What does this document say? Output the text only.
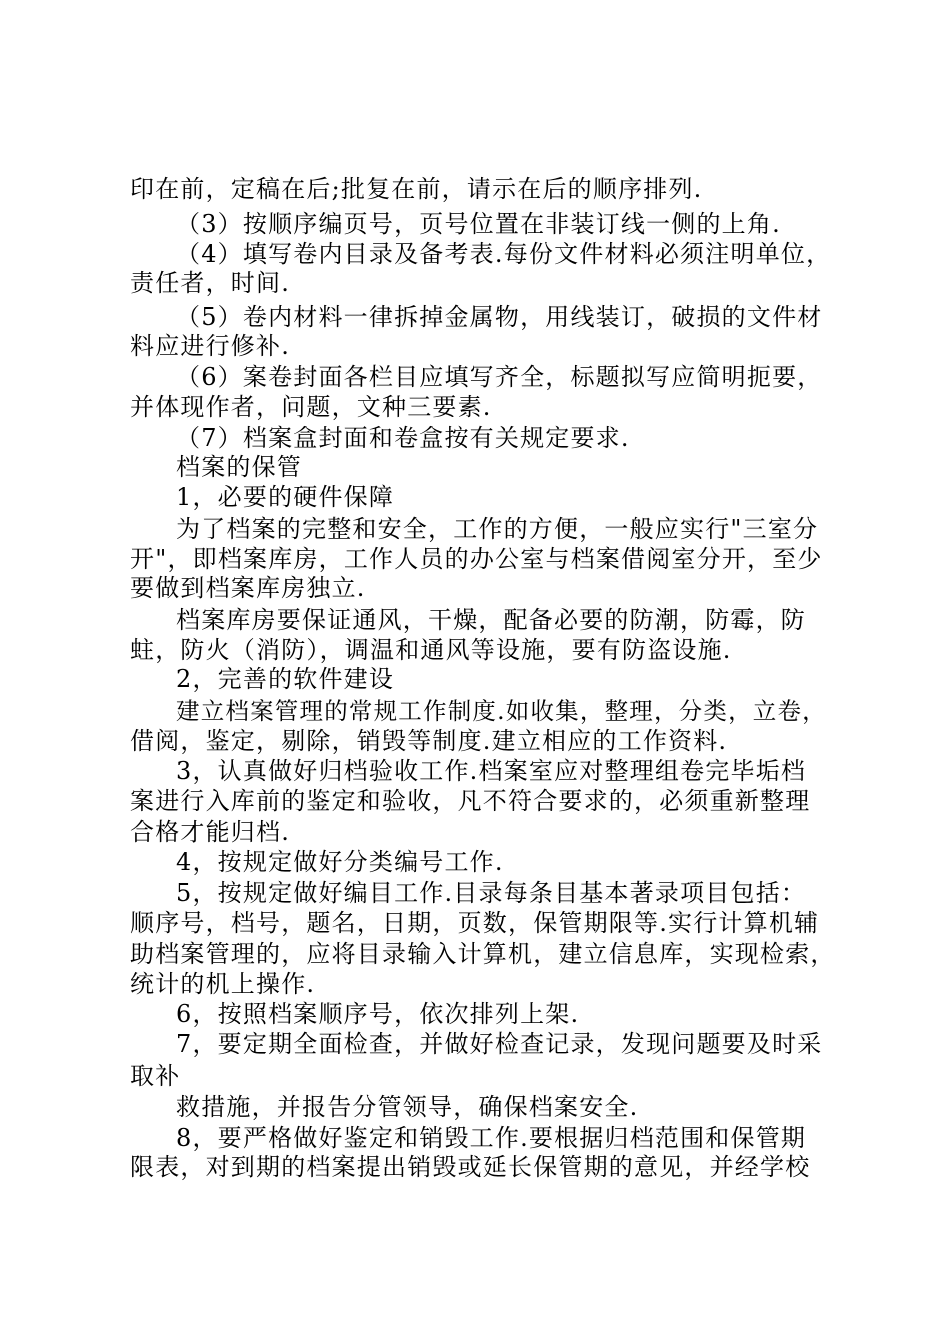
印在前，定稿在后;批复在前，请示在后的顺序排列.
（3）按顺序编页号，页号位置在非装订线一侧的上角.
（4）填写卷内目录及备考表.每份文件材料必须注明单位，
责任者，时间.
（5）卷内材料一律拆掉金属物，用线装订，破损的文件材
料应进行修补.
（6）案卷封面各栏目应填写齐全，标题拟写应简明扼要，
并体现作者，问题，文种三要素.
（7）档案盒封面和卷盒按有关规定要求.
档案的保管
1，必要的硬件保障
为了档案的完整和安全，工作的方便，一般应实行"三室分
开"，即档案库房，工作人员的办公室与档案借阅室分开，至少
要做到档案库房独立.
档案库房要保证通风，干燥，配备必要的防潮，防霉，防
蛀，防火（消防），调温和通风等设施，要有防盗设施.
2，完善的软件建设
建立档案管理的常规工作制度.如收集，整理，分类，立卷，
借阅，鉴定，剔除，销毁等制度.建立相应的工作资料.
3，认真做好归档验收工作.档案室应对整理组卷完毕垢档
案进行入库前的鉴定和验收，凡不符合要求的，必须重新整理
合格才能归档.
4，按规定做好分类编号工作.
5，按规定做好编目工作.目录每条目基本著录项目包括：
顺序号，档号，题名，日期，页数，保管期限等.实行计算机辅
助档案管理的，应将目录输入计算机，建立信息库，实现检索，
统计的机上操作.
6，按照档案顺序号，依次排列上架.
7，要定期全面检查，并做好检查记录，发现问题要及时采
取补
救措施，并报告分管领导，确保档案安全.
8，要严格做好鉴定和销毁工作.要根据归档范围和保管期
限表，对到期的档案提出销毁或延长保管期的意见，并经学校
